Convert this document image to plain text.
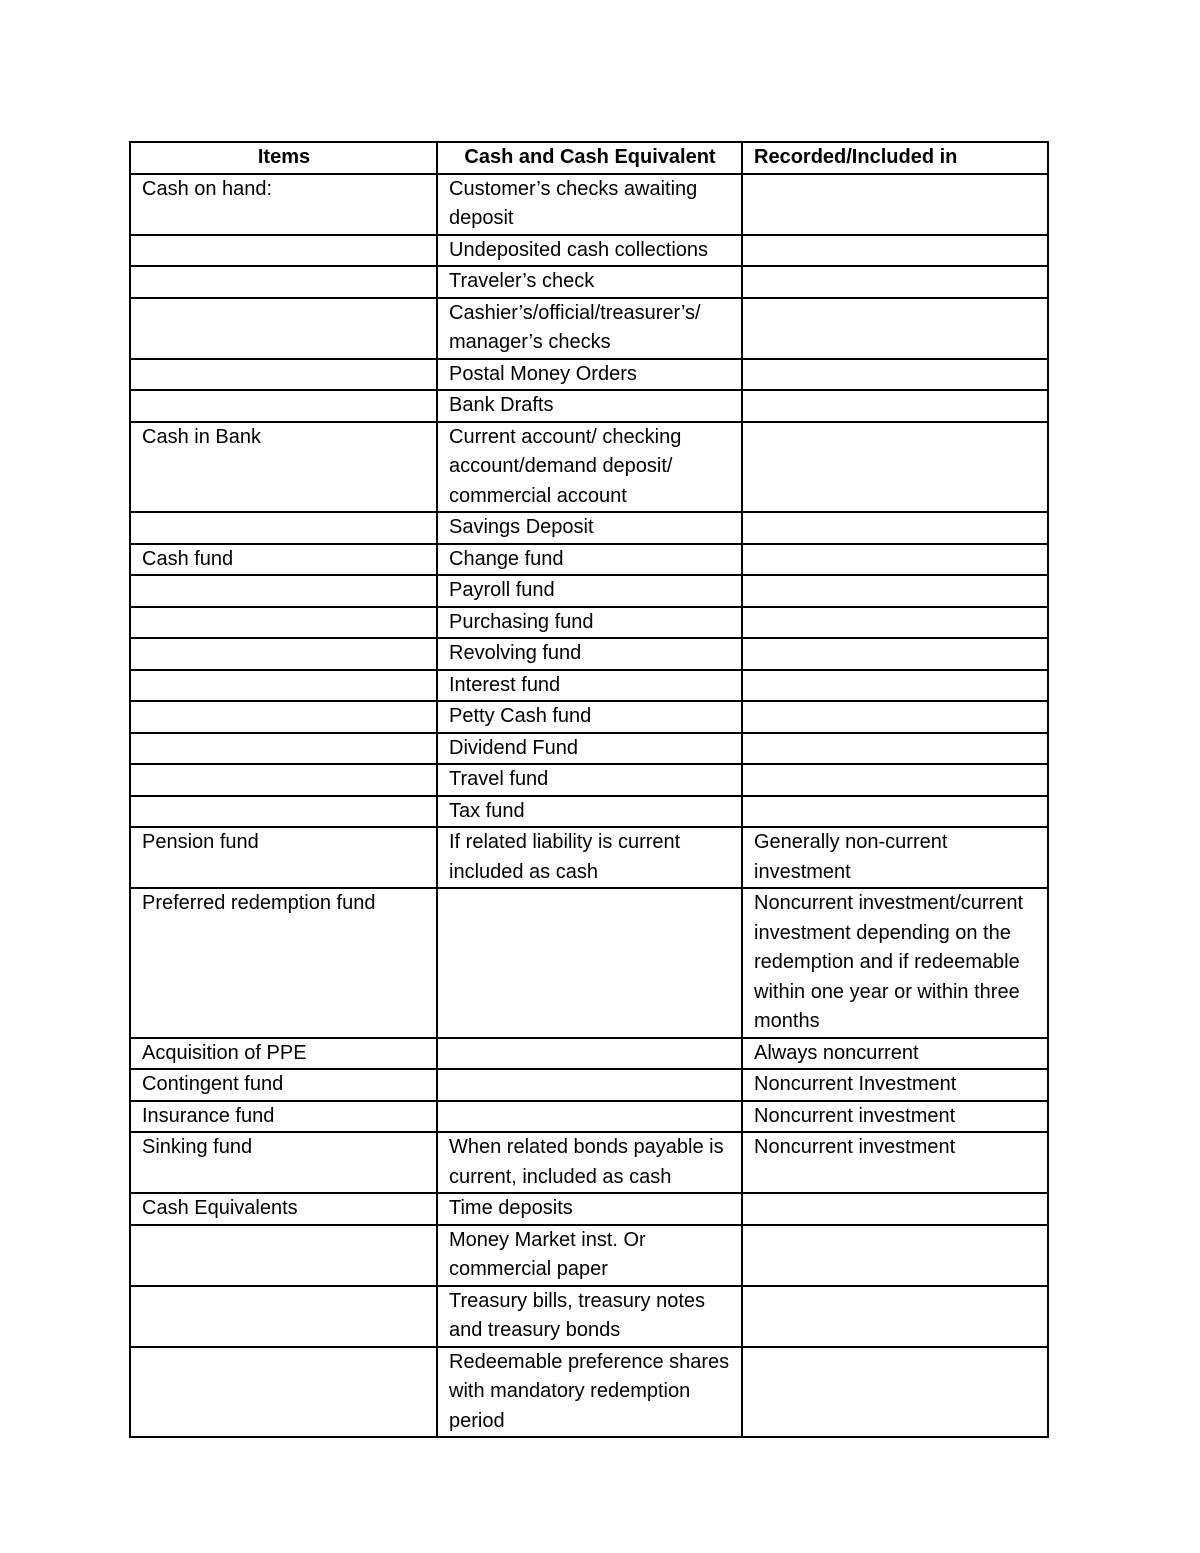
Items	Cash and Cash Equivalent	Recorded/Included in
Cash on hand:	Customer’s checks awaiting deposit	
	Undeposited cash collections	
	Traveler’s check	
	Cashier’s/official/treasurer’s/ manager’s checks	
	Postal Money Orders	
	Bank Drafts	
Cash in Bank	Current account/ checking account/demand deposit/ commercial account	
	Savings Deposit	
Cash fund	Change fund	
	Payroll fund	
	Purchasing fund	
	Revolving fund	
	Interest fund	
	Petty Cash fund	
	Dividend Fund	
	Travel fund	
	Tax fund	
Pension fund	If related liability is current included as cash	Generally non-current investment
Preferred redemption fund		Noncurrent investment/current investment depending on the redemption and if redeemable within one year or within three months
Acquisition of PPE		Always noncurrent
Contingent fund		Noncurrent Investment
Insurance fund		Noncurrent investment
Sinking fund	When related bonds payable is current, included as cash	Noncurrent investment
Cash Equivalents	Time deposits	
	Money Market inst. Or commercial paper	
	Treasury bills, treasury notes and treasury bonds	
	Redeemable preference shares with mandatory redemption period	
